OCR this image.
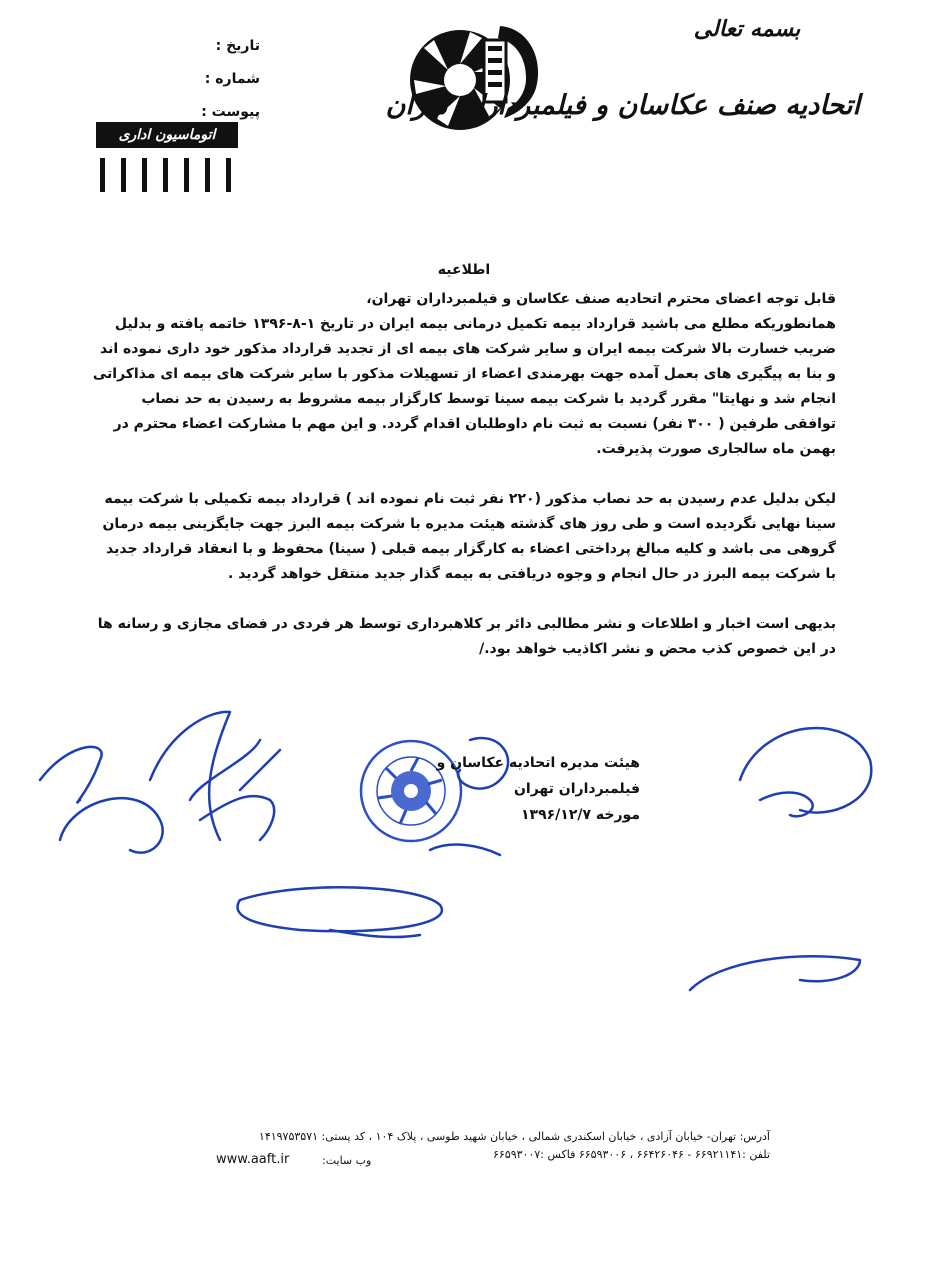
تاریخ :
شماره :
پیوست :
اتوماسیون اداری
بسمه تعالی
اتحادیه صنف عکاسان و فیلمبرداران تهران
اطلاعیه

قابل توجه اعضای محترم اتحادیه صنف عکاسان و فیلمبرداران تهران،

همانطوریکه مطلع می باشید قرارداد بیمه تکمیل درمانی بیمه ایران در تاریخ ۱-۸-۱۳۹۶ خاتمه یافته و بدلیل ضریب خسارت بالا شرکت بیمه ایران و سایر شرکت های بیمه ای از تجدید قرارداد مذکور خود داری نموده اند و بنا به پیگیری های بعمل آمده جهت بهرمندی اعضاء از تسهیلات مذکور با سایر شرکت های بیمه ای مذاکراتی انجام شد و نهایتا" مقرر گردید با شرکت بیمه سینا توسط کارگزار بیمه مشروط به رسیدن به حد نصاب توافقی طرفین ( ۳۰۰ نفر) نسبت به ثبت نام داوطلبان اقدام گردد. و این مهم با مشارکت اعضاء محترم در بهمن ماه سالجاری صورت پذیرفت.

لیکن بدلیل عدم رسیدن به حد نصاب مذکور (۲۲۰ نفر ثبت نام نموده اند ) قرارداد بیمه تکمیلی با شرکت بیمه سینا نهایی نگردیده است و طی روز های گذشته هیئت مدیره با شرکت بیمه البرز جهت جایگزینی بیمه درمان گروهی می باشد و کلیه مبالغ پرداختی اعضاء به کارگزار بیمه قبلی ( سینا) محفوظ و با انعقاد قرارداد جدید با شرکت بیمه البرز در حال انجام و وجوه دریافتی به بیمه گذار جدید منتقل خواهد گردید .

بدیهی است اخبار و اطلاعات و نشر مطالبی دائر بر کلاهبرداری توسط هر فردی در فضای مجازی و رسانه ها در این خصوص کذب محض و نشر اکاذیب خواهد بود./

هیئت مدیره اتحادیه عکاسان و فیلمبرداران تهران
مورخه ۱۳۹۶/۱۲/۷
آدرس: تهران- خیابان آزادی ، خیابان اسکندری شمالی ، خیابان شهید طوسی ، پلاک ۱۰۴ ، کد پستی: ۱۴۱۹۷۵۳۵۷۱
تلفن :۶۶۹۲۱۱۴۱ - ۶۶۴۲۶۰۴۶ ، ۶۶۵۹۳۰۰۶ فاکس :۶۶۵۹۳۰۰۷
وب سایت:
www.aaft.ir
